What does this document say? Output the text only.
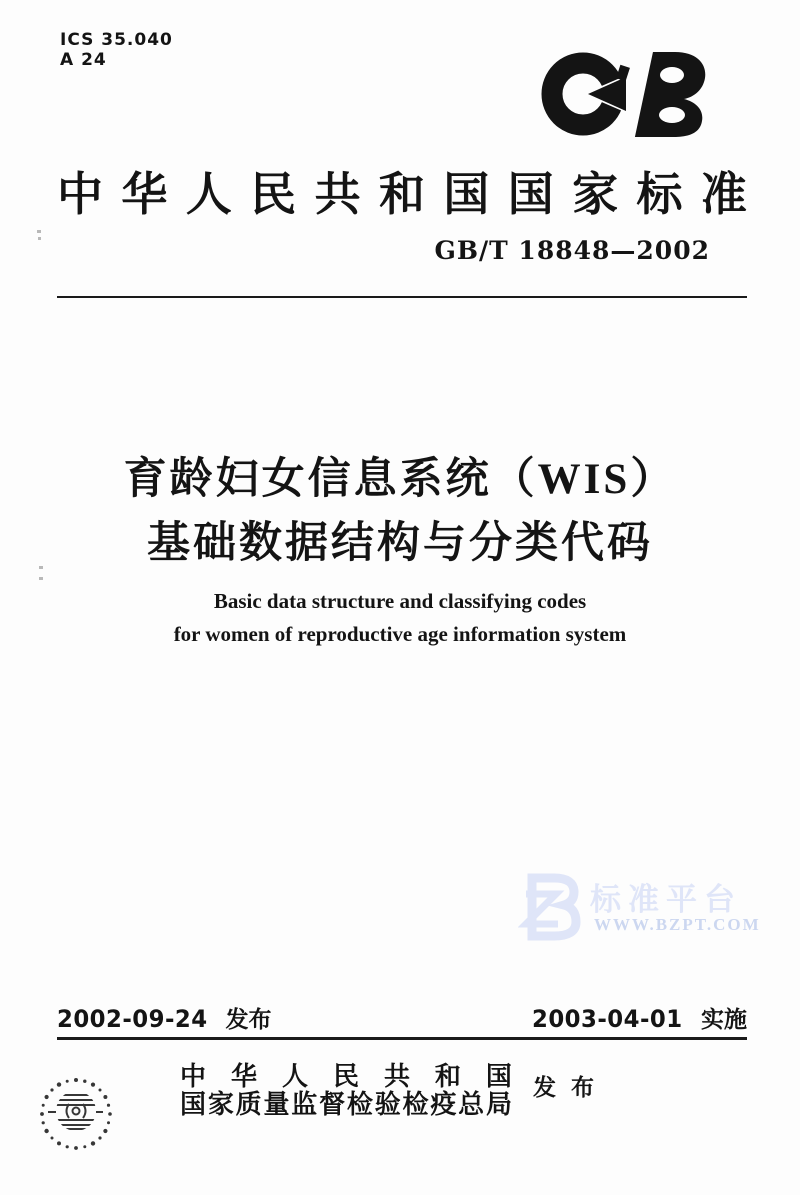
ICS 35.040
A 24
中 华 人 民 共 和 国 国 家 标 准
GB/T 18848—2002
育龄妇女信息系统（WIS）
基础数据结构与分类代码
Basic data structure and classifying codes
for women of reproductive age information system
标准平台
WWW.BZPT.COM
2002-09-24 发布	2003-04-01 实施
中 华 人 民 共 和 国
国 家 质 量 监 督 检 验 检 疫 总 局
发布
